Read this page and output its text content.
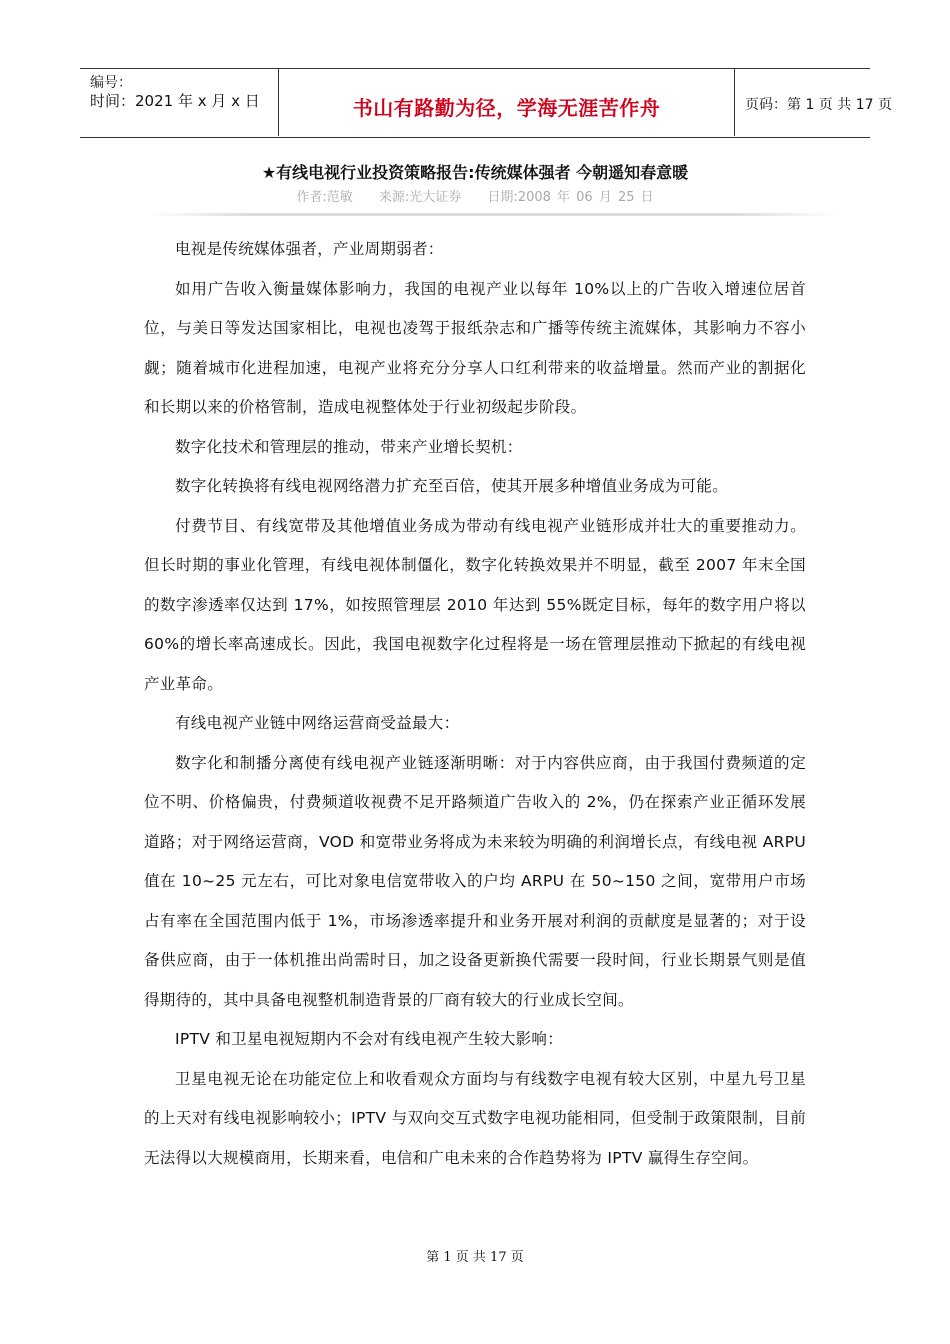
编号：
时间：2021 年 x 月 x 日	书山有路勤为径，学海无涯苦作舟	页码：第 1 页 共 17 页
★有线电视行业投资策略报告:传统媒体强者 今朝遥知春意暖
作者:范敏 来源:光大证券 日期:2008 年 06 月 25 日

电视是传统媒体强者，产业周期弱者：

如用广告收入衡量媒体影响力，我国的电视产业以每年 10%以上的广告收入增速位居首位，与美日等发达国家相比，电视也凌驾于报纸杂志和广播等传统主流媒体，其影响力不容小觑；随着城市化进程加速，电视产业将充分分享人口红利带来的收益增量。然而产业的割据化和长期以来的价格管制，造成电视整体处于行业初级起步阶段。

数字化技术和管理层的推动，带来产业增长契机：

数字化转换将有线电视网络潜力扩充至百倍，使其开展多种增值业务成为可能。

付费节目、有线宽带及其他增值业务成为带动有线电视产业链形成并壮大的重要推动力。但长时期的事业化管理，有线电视体制僵化，数字化转换效果并不明显，截至 2007 年末全国的数字渗透率仅达到 17%，如按照管理层 2010 年达到 55%既定目标，每年的数字用户将以 60%的增长率高速成长。因此，我国电视数字化过程将是一场在管理层推动下掀起的有线电视产业革命。

有线电视产业链中网络运营商受益最大：

数字化和制播分离使有线电视产业链逐渐明晰：对于内容供应商，由于我国付费频道的定位不明、价格偏贵，付费频道收视费不足开路频道广告收入的 2%，仍在探索产业正循环发展道路；对于网络运营商，VOD 和宽带业务将成为未来较为明确的利润增长点，有线电视 ARPU 值在 10~25 元左右，可比对象电信宽带收入的户均 ARPU 在 50~150 之间，宽带用户市场占有率在全国范围内低于 1%，市场渗透率提升和业务开展对利润的贡献度是显著的；对于设备供应商，由于一体机推出尚需时日，加之设备更新换代需要一段时间，行业长期景气则是值得期待的，其中具备电视整机制造背景的厂商有较大的行业成长空间。

IPTV 和卫星电视短期内不会对有线电视产生较大影响：

卫星电视无论在功能定位上和收看观众方面均与有线数字电视有较大区别，中星九号卫星的上天对有线电视影响较小；IPTV 与双向交互式数字电视功能相同，但受制于政策限制，目前无法得以大规模商用，长期来看，电信和广电未来的合作趋势将为 IPTV 赢得生存空间。

第 1 页 共 17 页
